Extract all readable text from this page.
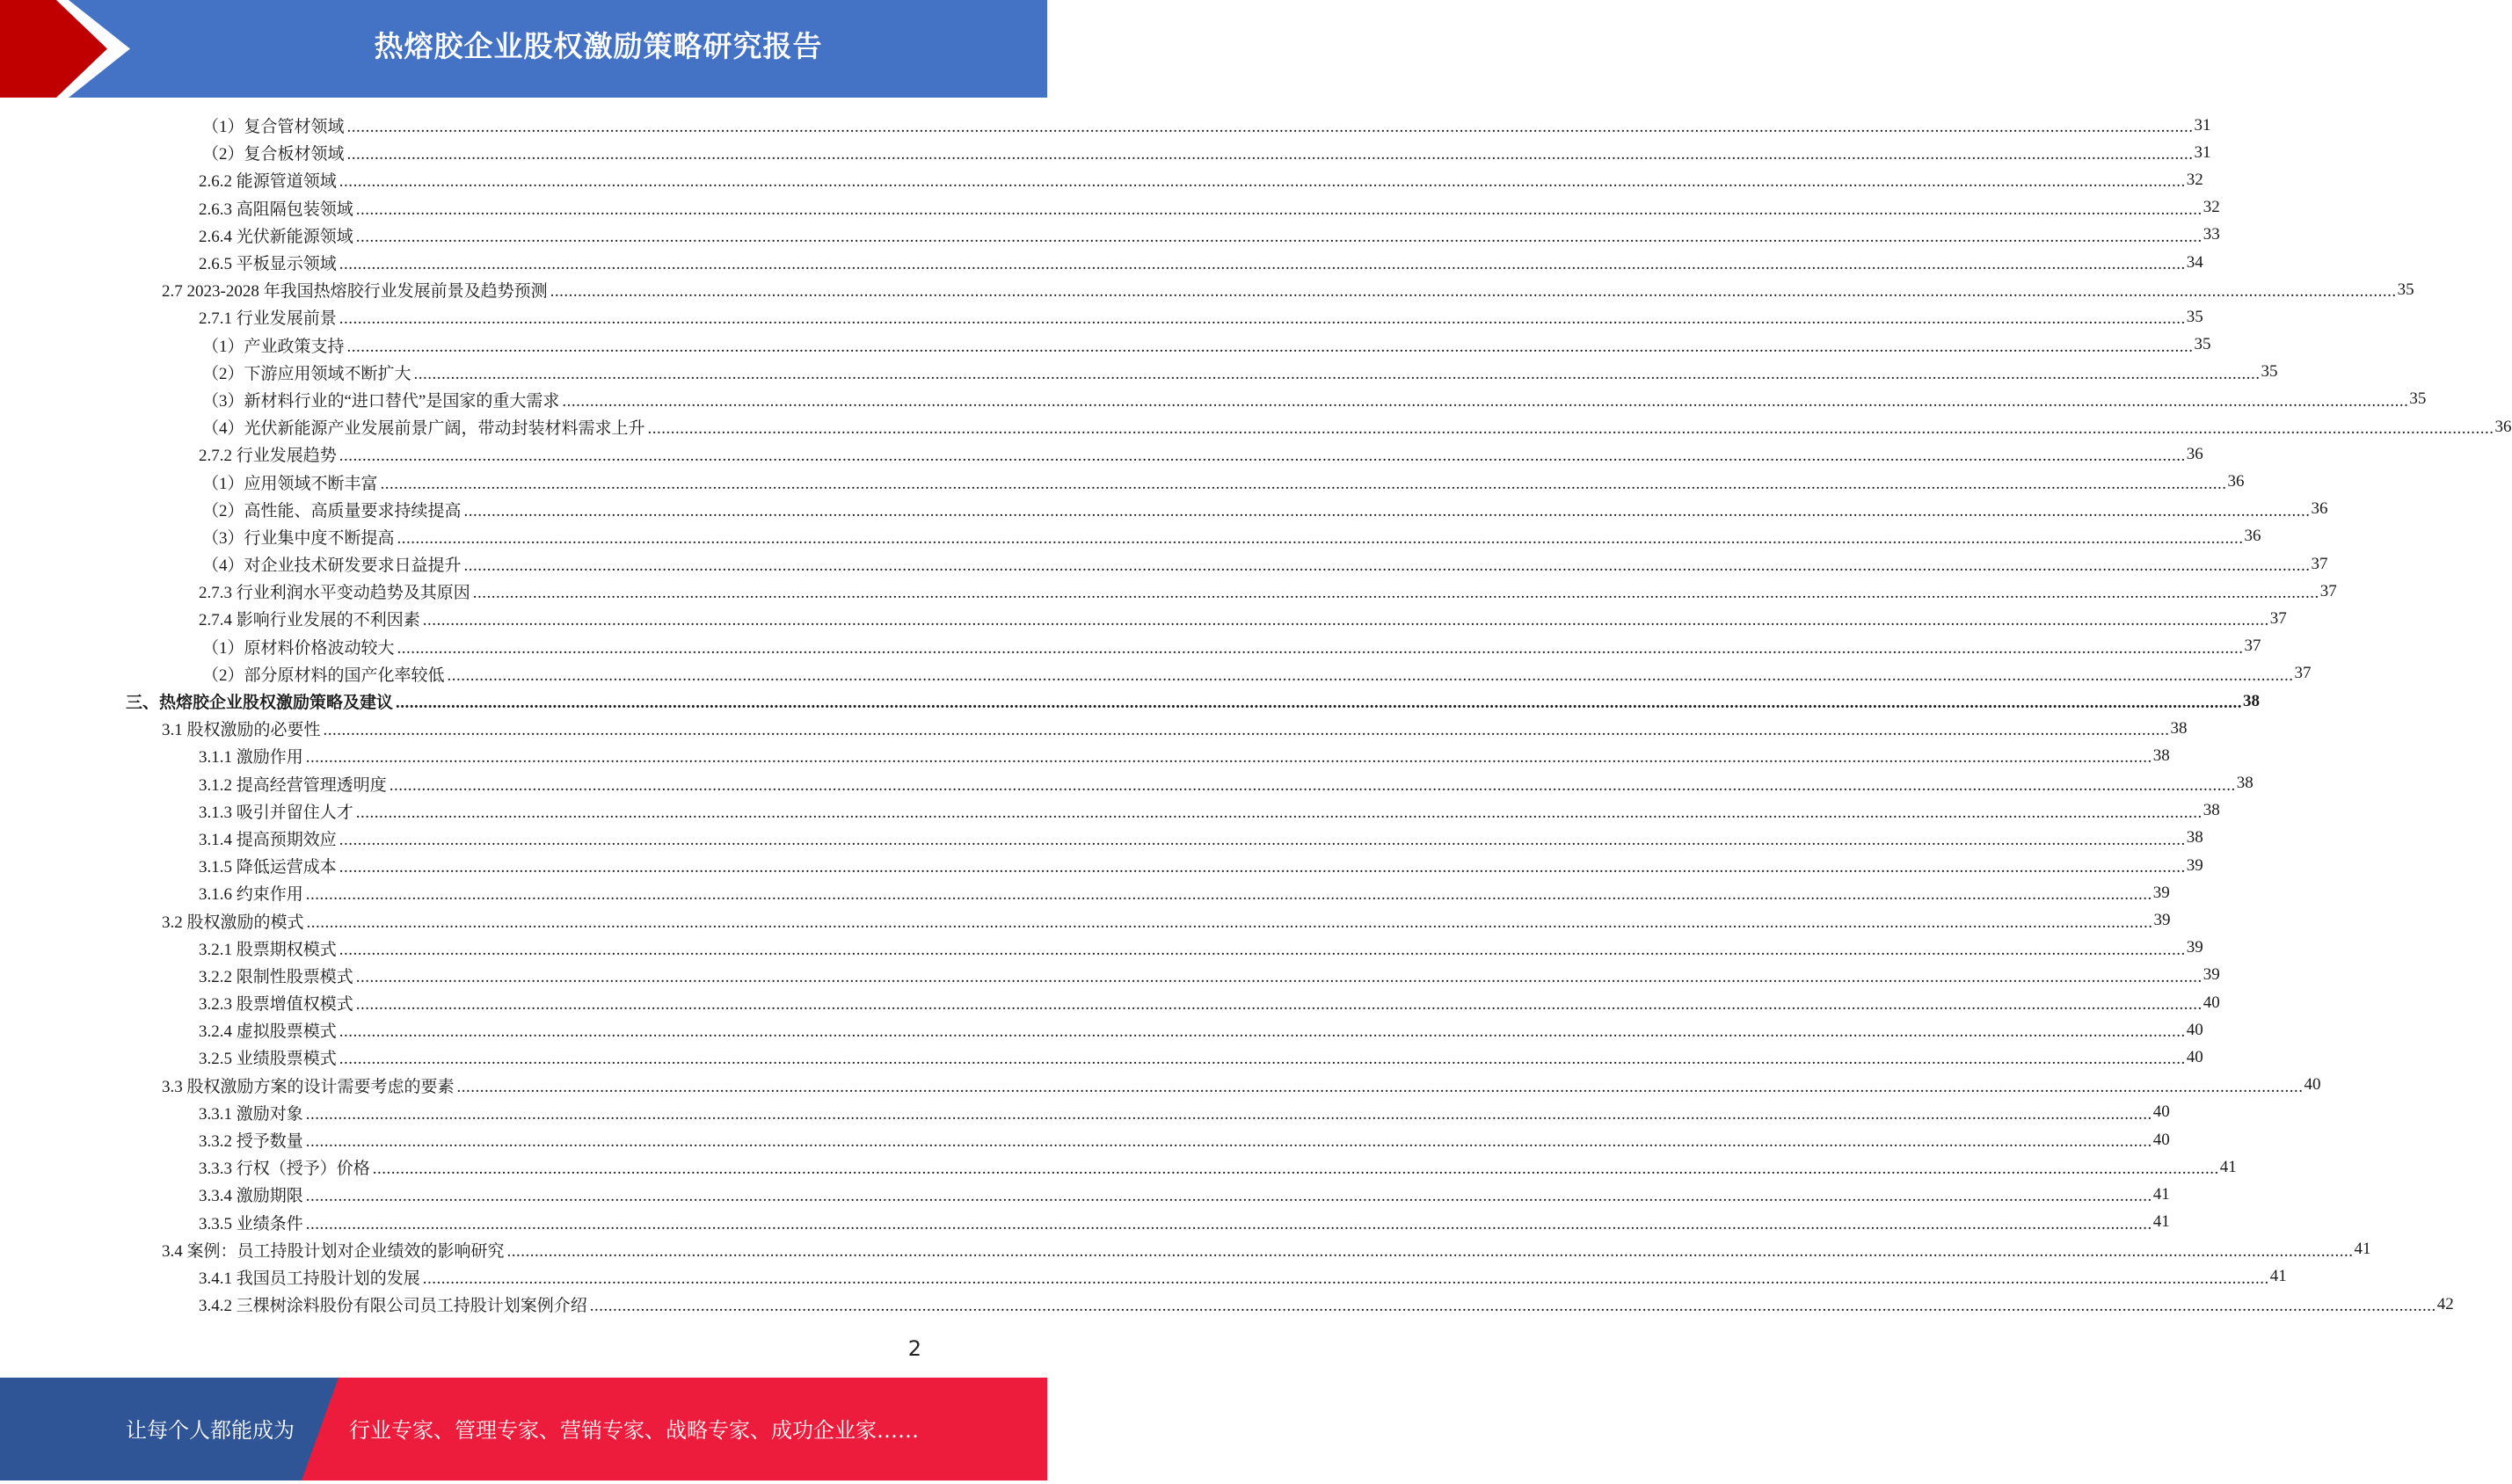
热熔胶企业股权激励策略研究报告
（1）复合管材领域 ................................................................................................................................................................................................................................................................................................................................................................................................................ 31
（2）复合板材领域 ................................................................................................................................................................................................................................................................................................................................................................................................................ 31
2.6.2 能源管道领域 ................................................................................................................................................................................................................................................................................................................................................................................................................ 32
2.6.3 高阻隔包装领域 ................................................................................................................................................................................................................................................................................................................................................................................................................ 32
2.6.4 光伏新能源领域 ................................................................................................................................................................................................................................................................................................................................................................................................................ 33
2.6.5 平板显示领域 ................................................................................................................................................................................................................................................................................................................................................................................................................ 34
2.7 2023-2028 年我国热熔胶行业发展前景及趋势预测 ................................................................................................................................................................................................................................................................................................................................................................................................................ 35
2.7.1 行业发展前景 ................................................................................................................................................................................................................................................................................................................................................................................................................ 35
（1）产业政策支持 ................................................................................................................................................................................................................................................................................................................................................................................................................ 35
（2）下游应用领域不断扩大 ................................................................................................................................................................................................................................................................................................................................................................................................................ 35
（3）新材料行业的“进口替代”是国家的重大需求 ................................................................................................................................................................................................................................................................................................................................................................................................................ 35
（4）光伏新能源产业发展前景广阔，带动封装材料需求上升 ................................................................................................................................................................................................................................................................................................................................................................................................................ 36
2.7.2 行业发展趋势 ................................................................................................................................................................................................................................................................................................................................................................................................................ 36
（1）应用领域不断丰富 ................................................................................................................................................................................................................................................................................................................................................................................................................ 36
（2）高性能、高质量要求持续提高 ................................................................................................................................................................................................................................................................................................................................................................................................................ 36
（3）行业集中度不断提高 ................................................................................................................................................................................................................................................................................................................................................................................................................ 36
（4）对企业技术研发要求日益提升 ................................................................................................................................................................................................................................................................................................................................................................................................................ 37
2.7.3 行业利润水平变动趋势及其原因 ................................................................................................................................................................................................................................................................................................................................................................................................................ 37
2.7.4 影响行业发展的不利因素 ................................................................................................................................................................................................................................................................................................................................................................................................................ 37
（1）原材料价格波动较大 ................................................................................................................................................................................................................................................................................................................................................................................................................ 37
（2）部分原材料的国产化率较低 ................................................................................................................................................................................................................................................................................................................................................................................................................ 37
三、热熔胶企业股权激励策略及建议 ................................................................................................................................................................................................................................................................................................................................................................................................................ 38
3.1 股权激励的必要性 ................................................................................................................................................................................................................................................................................................................................................................................................................ 38
3.1.1 激励作用 ................................................................................................................................................................................................................................................................................................................................................................................................................ 38
3.1.2 提高经营管理透明度 ................................................................................................................................................................................................................................................................................................................................................................................................................ 38
3.1.3 吸引并留住人才 ................................................................................................................................................................................................................................................................................................................................................................................................................ 38
3.1.4 提高预期效应 ................................................................................................................................................................................................................................................................................................................................................................................................................ 38
3.1.5 降低运营成本 ................................................................................................................................................................................................................................................................................................................................................................................................................ 39
3.1.6 约束作用 ................................................................................................................................................................................................................................................................................................................................................................................................................ 39
3.2 股权激励的模式 ................................................................................................................................................................................................................................................................................................................................................................................................................ 39
3.2.1 股票期权模式 ................................................................................................................................................................................................................................................................................................................................................................................................................ 39
3.2.2 限制性股票模式 ................................................................................................................................................................................................................................................................................................................................................................................................................ 39
3.2.3 股票增值权模式 ................................................................................................................................................................................................................................................................................................................................................................................................................ 40
3.2.4 虚拟股票模式 ................................................................................................................................................................................................................................................................................................................................................................................................................ 40
3.2.5 业绩股票模式 ................................................................................................................................................................................................................................................................................................................................................................................................................ 40
3.3 股权激励方案的设计需要考虑的要素 ................................................................................................................................................................................................................................................................................................................................................................................................................ 40
3.3.1 激励对象 ................................................................................................................................................................................................................................................................................................................................................................................................................ 40
3.3.2 授予数量 ................................................................................................................................................................................................................................................................................................................................................................................................................ 40
3.3.3 行权（授予）价格 ................................................................................................................................................................................................................................................................................................................................................................................................................ 41
3.3.4 激励期限 ................................................................................................................................................................................................................................................................................................................................................................................................................ 41
3.3.5 业绩条件 ................................................................................................................................................................................................................................................................................................................................................................................................................ 41
3.4 案例：员工持股计划对企业绩效的影响研究 ................................................................................................................................................................................................................................................................................................................................................................................................................ 41
3.4.1 我国员工持股计划的发展 ................................................................................................................................................................................................................................................................................................................................................................................................................ 41
3.4.2 三棵树涂料股份有限公司员工持股计划案例介绍 ................................................................................................................................................................................................................................................................................................................................................................................................................ 42
2
让每个人都能成为	行业专家、管理专家、营销专家、战略专家、成功企业家……
